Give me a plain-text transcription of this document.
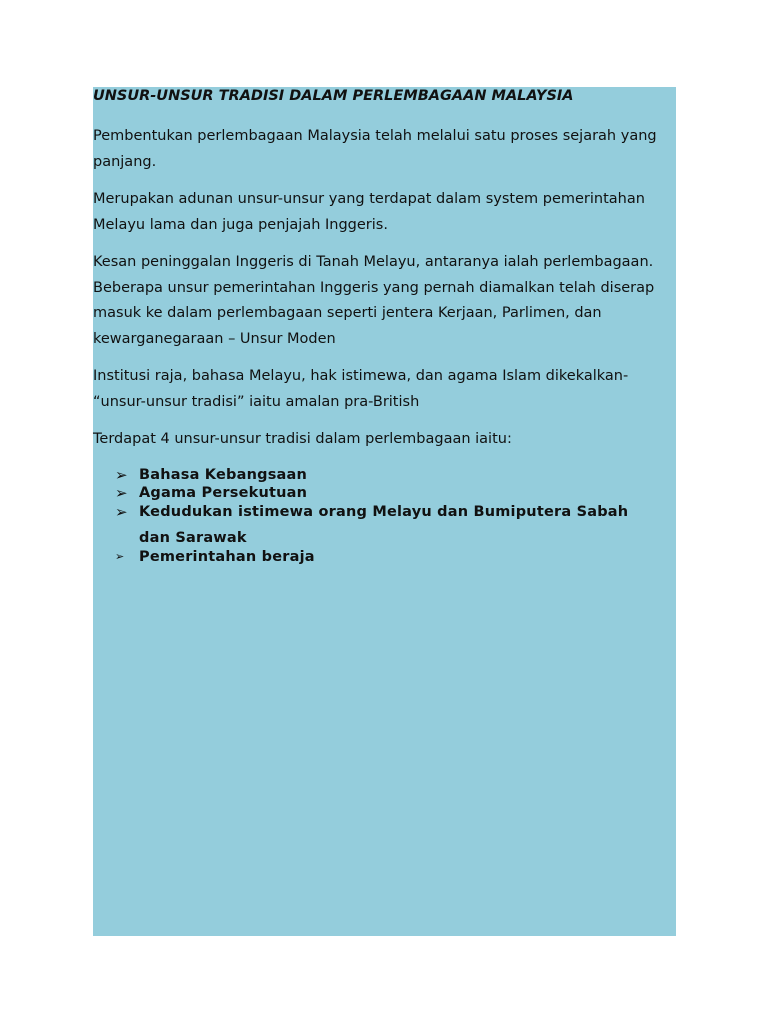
UNSUR-UNSUR TRADISI DALAM PERLEMBAGAAN MALAYSIA

Pembentukan perlembagaan Malaysia telah melalui satu proses sejarah yang panjang.

Merupakan adunan unsur-unsur yang terdapat dalam system pemerintahan Melayu lama dan juga penjajah Inggeris.

Kesan peninggalan Inggeris di Tanah Melayu, antaranya ialah perlembagaan. Beberapa unsur pemerintahan Inggeris yang pernah diamalkan telah diserap masuk ke dalam perlembagaan seperti jentera Kerjaan, Parlimen, dan kewarganegaraan – Unsur Moden

Institusi raja, bahasa Melayu, hak istimewa, dan agama Islam dikekalkan- “unsur-unsur tradisi” iaitu amalan pra-British

Terdapat 4 unsur-unsur tradisi dalam perlembagaan iaitu:

➢ Bahasa Kebangsaan
➢ Agama Persekutuan
➢ Kedudukan istimewa orang Melayu dan Bumiputera Sabah
dan Sarawak
➢ Pemerintahan beraja
